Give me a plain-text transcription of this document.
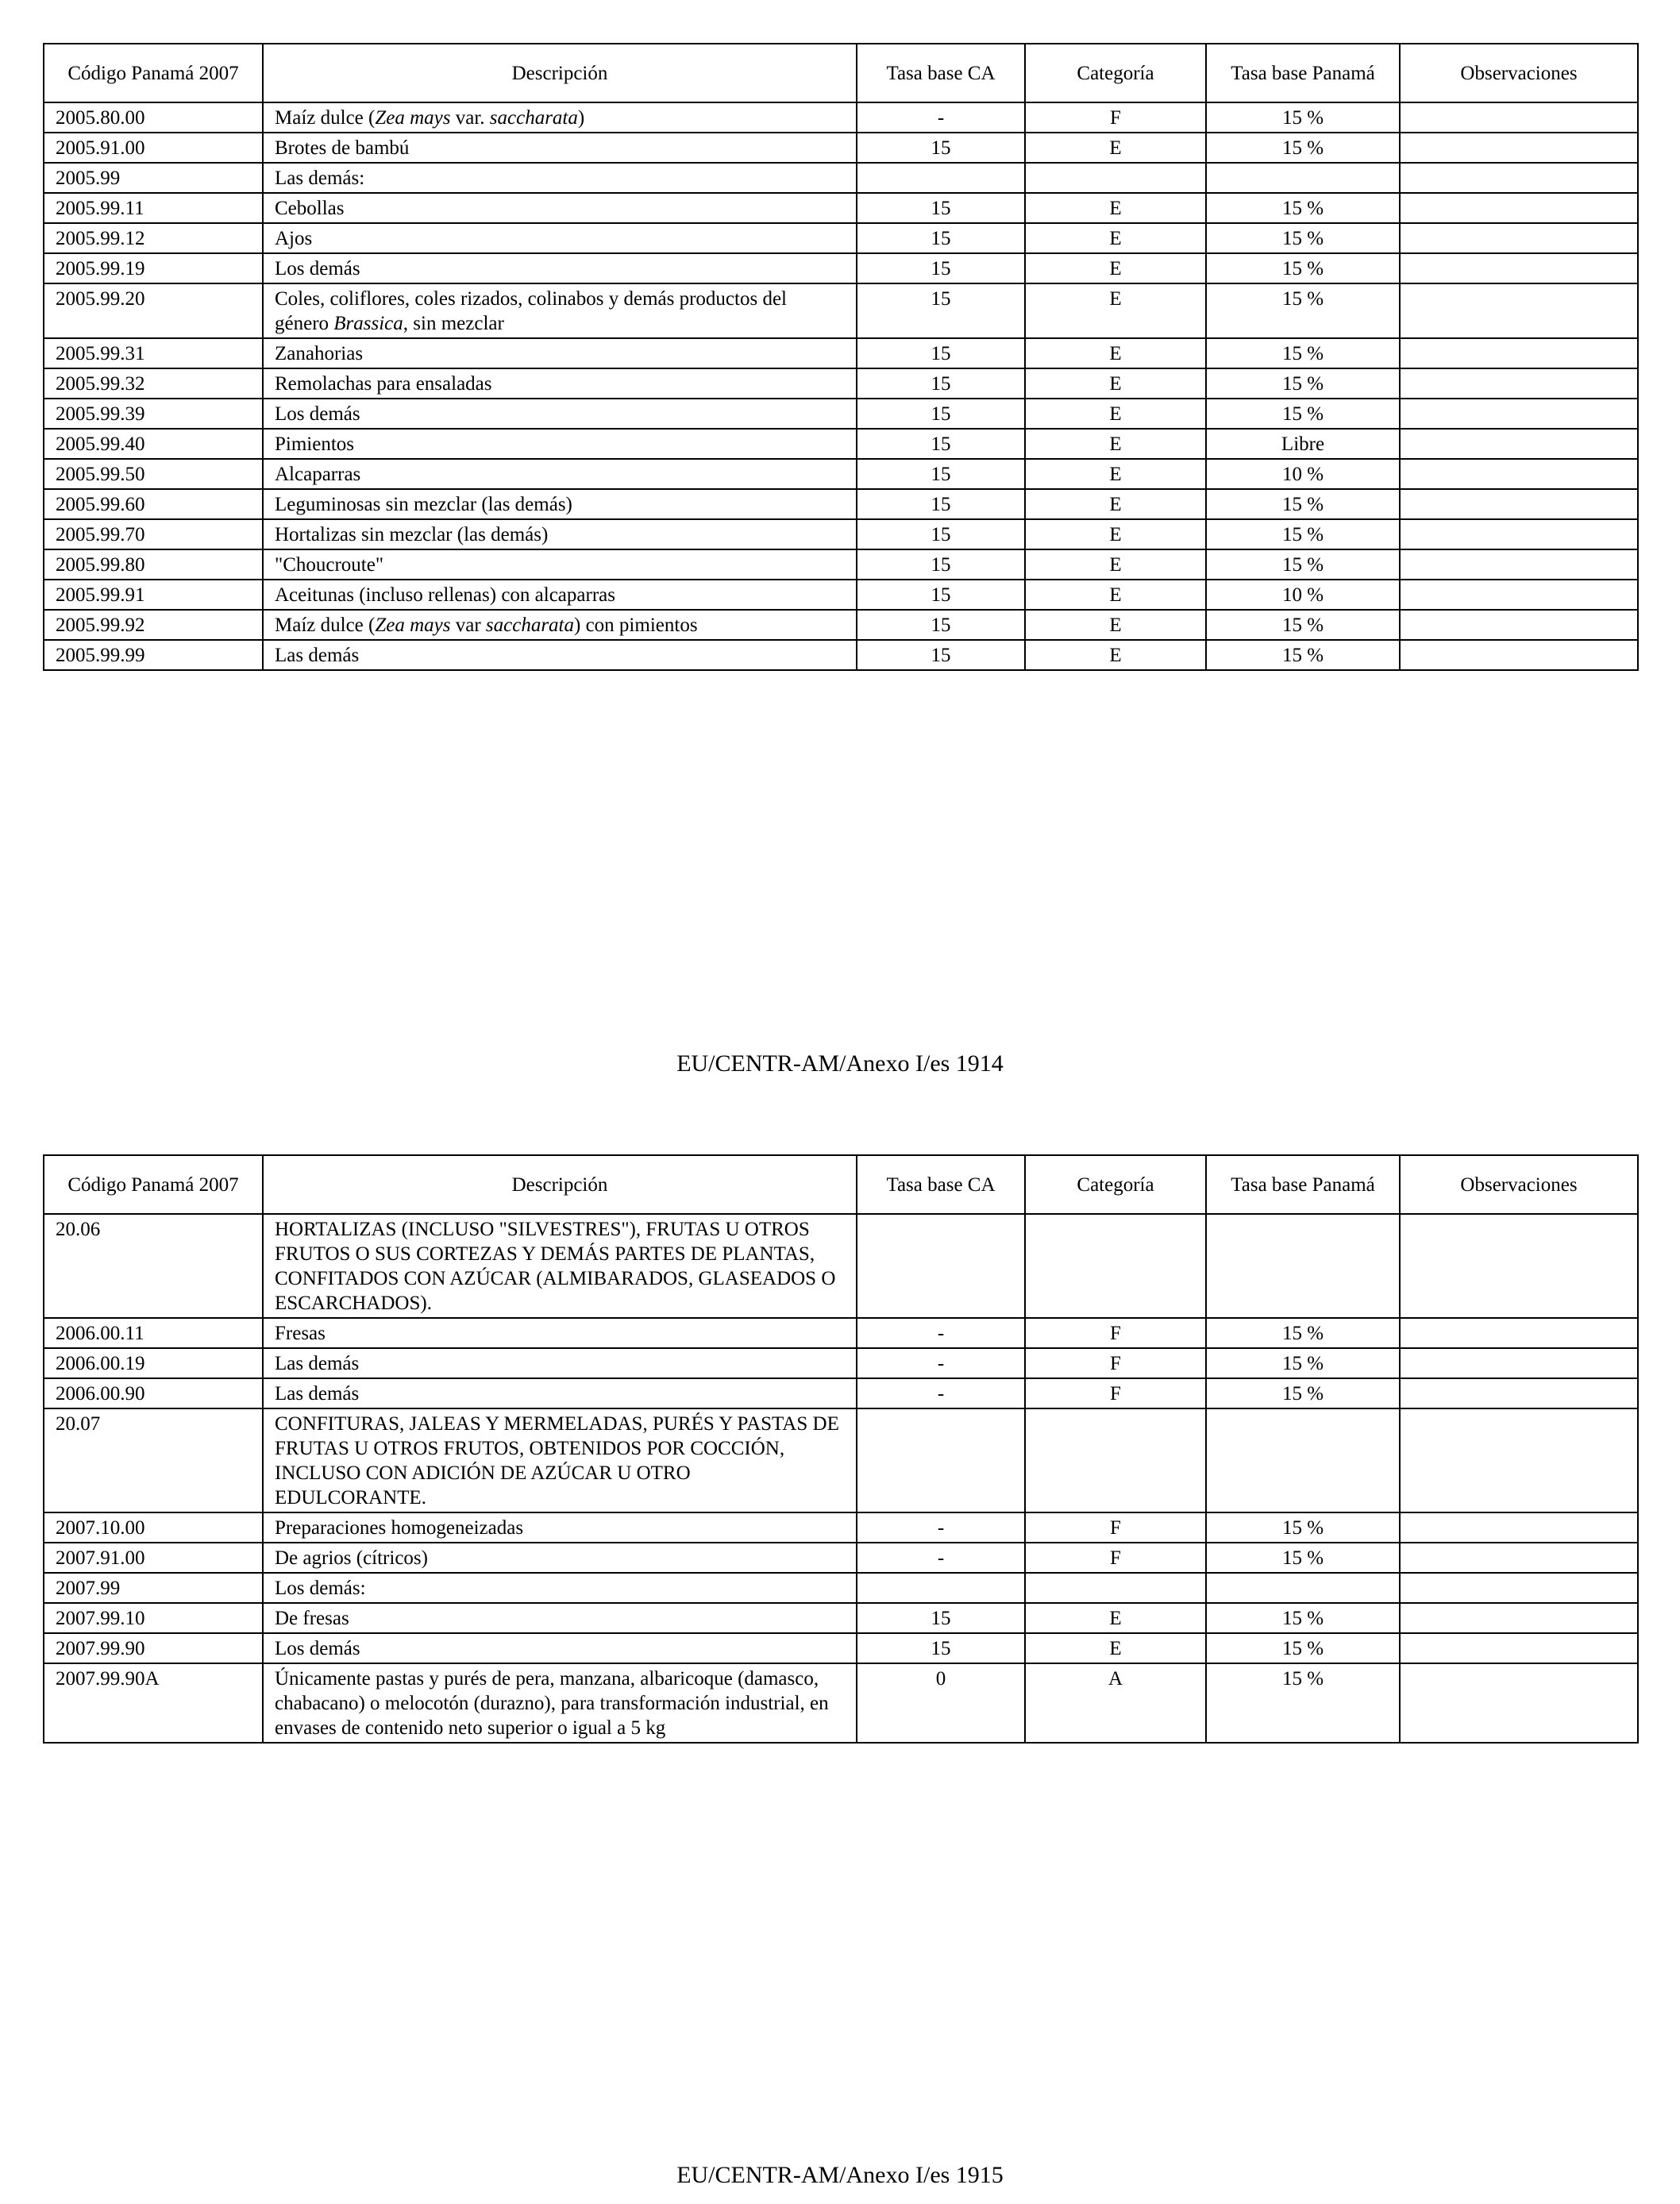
Código Panamá 2007	Descripción	Tasa base CA	Categoría	Tasa base Panamá	Observaciones
2005.80.00	Maíz dulce (Zea mays var. saccharata)	-	F	15 %	
2005.91.00	Brotes de bambú	15	E	15 %	
2005.99	Las demás:				
2005.99.11	Cebollas	15	E	15 %	
2005.99.12	Ajos	15	E	15 %	
2005.99.19	Los demás	15	E	15 %	
2005.99.20	Coles, coliflores, coles rizados, colinabos y demás productos del género Brassica, sin mezclar	15	E	15 %	
2005.99.31	Zanahorias	15	E	15 %	
2005.99.32	Remolachas para ensaladas	15	E	15 %	
2005.99.39	Los demás	15	E	15 %	
2005.99.40	Pimientos	15	E	Libre	
2005.99.50	Alcaparras	15	E	10 %	
2005.99.60	Leguminosas sin mezclar (las demás)	15	E	15 %	
2005.99.70	Hortalizas sin mezclar (las demás)	15	E	15 %	
2005.99.80	"Choucroute"	15	E	15 %	
2005.99.91	Aceitunas (incluso rellenas) con alcaparras	15	E	10 %	
2005.99.92	Maíz dulce (Zea mays var saccharata) con pimientos	15	E	15 %	
2005.99.99	Las demás	15	E	15 %	
EU/CENTR-AM/Anexo I/es 1914
Código Panamá 2007	Descripción	Tasa base CA	Categoría	Tasa base Panamá	Observaciones
20.06	HORTALIZAS (INCLUSO "SILVESTRES"), FRUTAS U OTROS FRUTOS O SUS CORTEZAS Y DEMÁS PARTES DE PLANTAS, CONFITADOS CON AZÚCAR (ALMIBARADOS, GLASEADOS O ESCARCHADOS).				
2006.00.11	Fresas	-	F	15 %	
2006.00.19	Las demás	-	F	15 %	
2006.00.90	Las demás	-	F	15 %	
20.07	CONFITURAS, JALEAS Y MERMELADAS, PURÉS Y PASTAS DE FRUTAS U OTROS FRUTOS, OBTENIDOS POR COCCIÓN, INCLUSO CON ADICIÓN DE AZÚCAR U OTRO EDULCORANTE.				
2007.10.00	Preparaciones homogeneizadas	-	F	15 %	
2007.91.00	De agrios (cítricos)	-	F	15 %	
2007.99	Los demás:				
2007.99.10	De fresas	15	E	15 %	
2007.99.90	Los demás	15	E	15 %	
2007.99.90A	Únicamente pastas y purés de pera, manzana, albaricoque (damasco, chabacano) o melocotón (durazno), para transformación industrial, en envases de contenido neto superior o igual a 5 kg	0	A	15 %	
EU/CENTR-AM/Anexo I/es 1915
